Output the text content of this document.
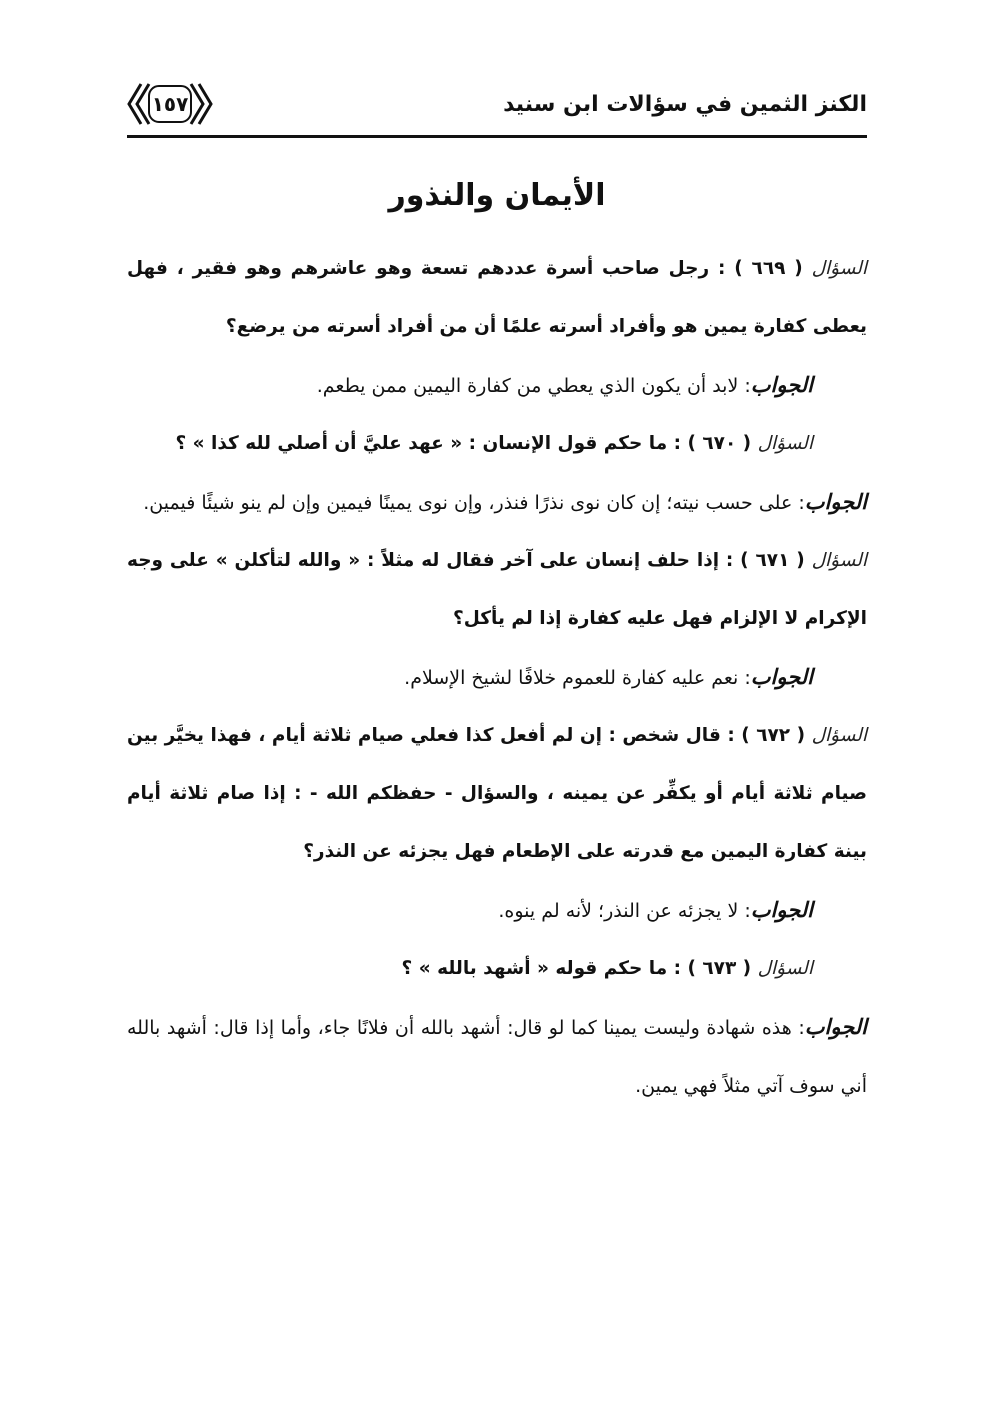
الكنز الثمين في سؤالات ابن سنيد
١٥٧
الأيمان والنذور

السؤال ( ٦٦٩ ) : رجل صاحب أسرة عددهم تسعة وهو عاشرهم وهو فقير ، فهل يعطى كفارة يمين هو وأفراد أسرته علمًا أن من أفراد أسرته من يرضع؟

الجواب: لابد أن يكون الذي يعطي من كفارة اليمين ممن يطعم.

السؤال ( ٦٧٠ ) : ما حكم قول الإنسان : « عهد عليَّ أن أصلي لله كذا » ؟

الجواب: على حسب نيته؛ إن كان نوى نذرًا فنذر، وإن نوى يمينًا فيمين وإن لم ينو شيئًا فيمين.

السؤال ( ٦٧١ ) : إذا حلف إنسان على آخر فقال له مثلاً : « والله لتأكلن » على وجه الإكرام لا الإلزام فهل عليه كفارة إذا لم يأكل؟

الجواب: نعم عليه كفارة للعموم خلافًا لشيخ الإسلام.

السؤال ( ٦٧٢ ) : قال شخص : إن لم أفعل كذا فعلي صيام ثلاثة أيام ، فهذا يخيَّر بين صيام ثلاثة أيام أو يكفِّر عن يمينه ، والسؤال - حفظكم الله - : إذا صام ثلاثة أيام بينة كفارة اليمين مع قدرته على الإطعام فهل يجزئه عن النذر؟

الجواب: لا يجزئه عن النذر؛ لأنه لم ينوه.

السؤال ( ٦٧٣ ) : ما حكم قوله « أشهد بالله » ؟

الجواب: هذه شهادة وليست يمينا كما لو قال: أشهد بالله أن فلانًا جاء، وأما إذا قال: أشهد بالله أني سوف آتي مثلاً فهي يمين.
